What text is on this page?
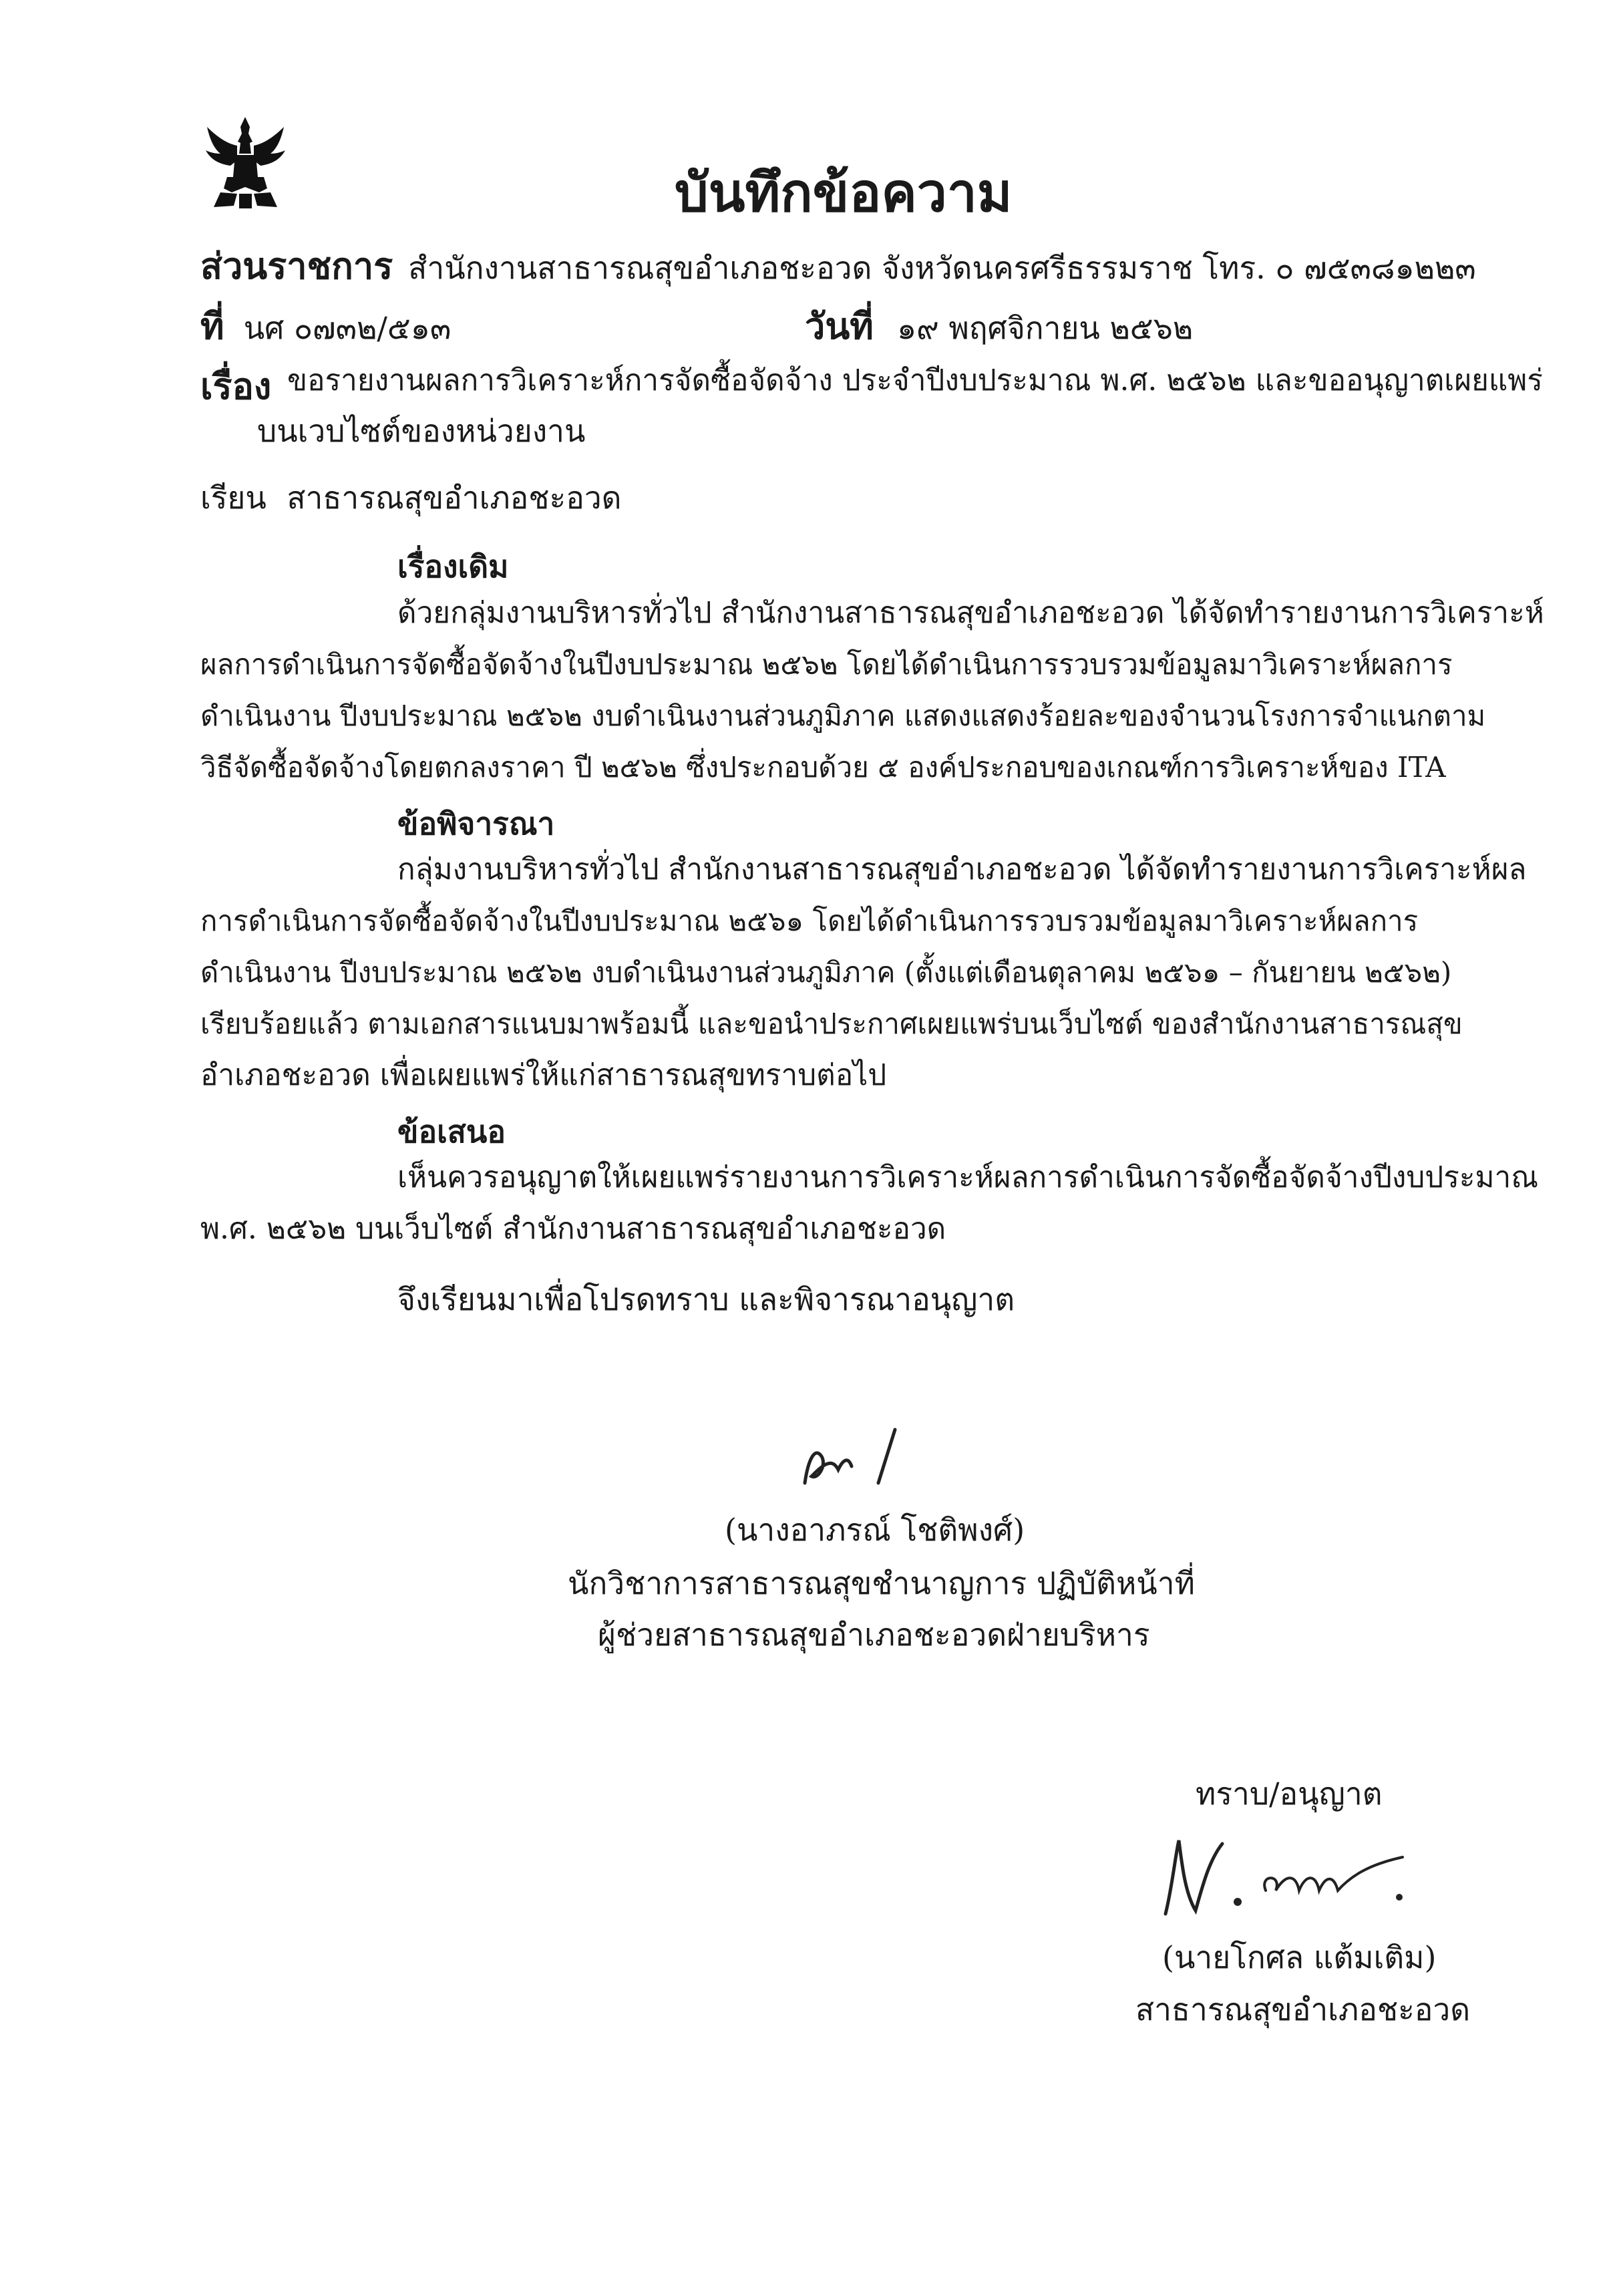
บันทึกข้อความ
ส่วนราชการ สำนักงานสาธารณสุขอำเภอชะอวด จังหวัดนครศรีธรรมราช โทร. ๐ ๗๕๓๘๑๒๒๓
ที่ นศ ๐๗๓๒/๕๑๓	วันที่ ๑๙ พฤศจิกายน ๒๕๖๒
เรื่อง ขอรายงานผลการวิเคราะห์การจัดซื้อจัดจ้าง ประจำปีงบประมาณ พ.ศ. ๒๕๖๒ และขออนุญาตเผยแพร่
บนเวบไซต์ของหน่วยงาน
เรียน สาธารณสุขอำเภอชะอวด
เรื่องเดิม
ด้วยกลุ่มงานบริหารทั่วไป สำนักงานสาธารณสุขอำเภอชะอวด ได้จัดทำรายงานการวิเคราะห์
ผลการดำเนินการจัดซื้อจัดจ้างในปีงบประมาณ ๒๕๖๒ โดยได้ดำเนินการรวบรวมข้อมูลมาวิเคราะห์ผลการ
ดำเนินงาน ปีงบประมาณ ๒๕๖๒ งบดำเนินงานส่วนภูมิภาค แสดงแสดงร้อยละของจำนวนโรงการจำแนกตาม
วิธีจัดซื้อจัดจ้างโดยตกลงราคา ปี ๒๕๖๒ ซึ่งประกอบด้วย ๕ องค์ประกอบของเกณฑ์การวิเคราะห์ของ ITA
ข้อพิจารณา
กลุ่มงานบริหารทั่วไป สำนักงานสาธารณสุขอำเภอชะอวด ได้จัดทำรายงานการวิเคราะห์ผล
การดำเนินการจัดซื้อจัดจ้างในปีงบประมาณ ๒๕๖๑ โดยได้ดำเนินการรวบรวมข้อมูลมาวิเคราะห์ผลการ
ดำเนินงาน ปีงบประมาณ ๒๕๖๒ งบดำเนินงานส่วนภูมิภาค (ตั้งแต่เดือนตุลาคม ๒๕๖๑ – กันยายน ๒๕๖๒)
เรียบร้อยแล้ว ตามเอกสารแนบมาพร้อมนี้ และขอนำประกาศเผยแพร่บนเว็บไซต์ ของสำนักงานสาธารณสุข
อำเภอชะอวด เพื่อเผยแพร่ให้แก่สาธารณสุขทราบต่อไป
ข้อเสนอ
เห็นควรอนุญาตให้เผยแพร่รายงานการวิเคราะห์ผลการดำเนินการจัดซื้อจัดจ้างปีงบประมาณ
พ.ศ. ๒๕๖๒ บนเว็บไซต์ สำนักงานสาธารณสุขอำเภอชะอวด
จึงเรียนมาเพื่อโปรดทราบ และพิจารณาอนุญาต
(นางอาภรณ์ โชติพงศ์)
นักวิชาการสาธารณสุขชำนาญการ ปฏิบัติหน้าที่
ผู้ช่วยสาธารณสุขอำเภอชะอวดฝ่ายบริหาร
ทราบ/อนุญาต
(นายโกศล แต้มเติม)
สาธารณสุขอำเภอชะอวด
